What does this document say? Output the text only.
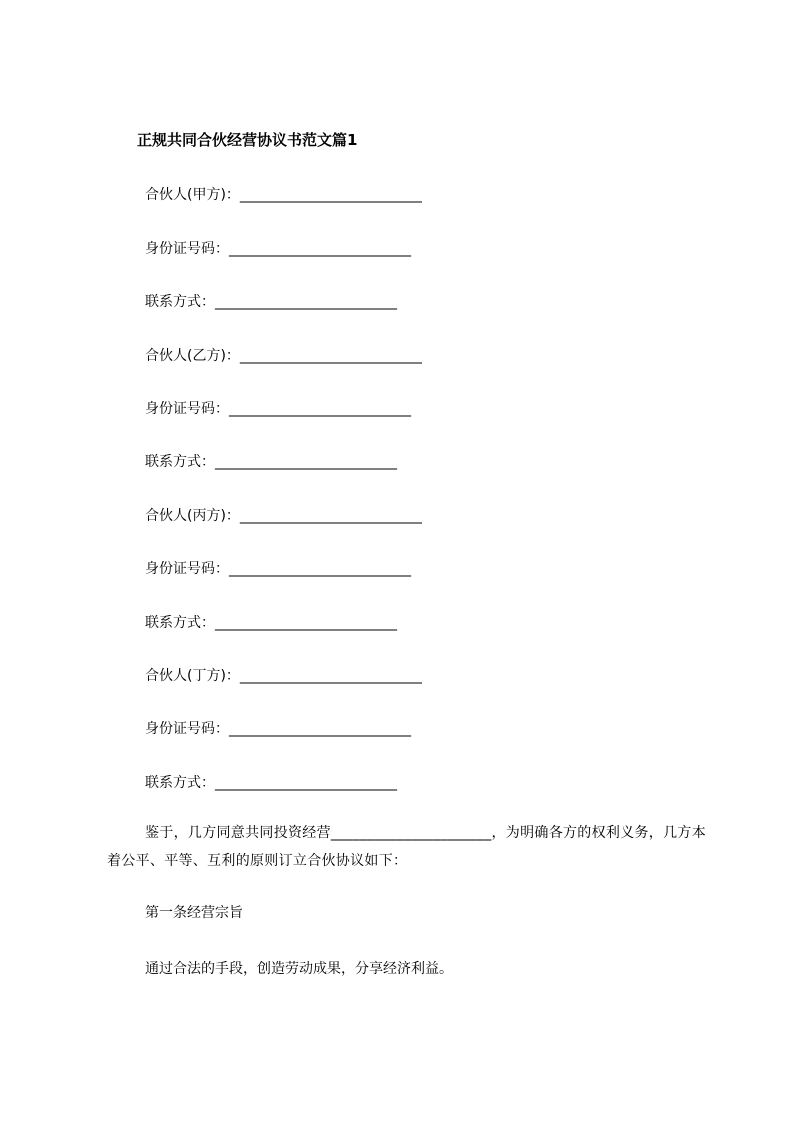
正规共同合伙经营协议书范文篇1
合伙人(甲方)：__________________________
身份证号码：__________________________
联系方式：__________________________
合伙人(乙方)：__________________________
身份证号码：__________________________
联系方式：__________________________
合伙人(丙方)：__________________________
身份证号码：__________________________
联系方式：__________________________
合伙人(丁方)：__________________________
身份证号码：__________________________
联系方式：__________________________
鉴于，几方同意共同投资经营______________________，为明确各方的权利义务，几方本着公平、平等、互利的原则订立合伙协议如下：
第一条经营宗旨
通过合法的手段，创造劳动成果，分享经济利益。
